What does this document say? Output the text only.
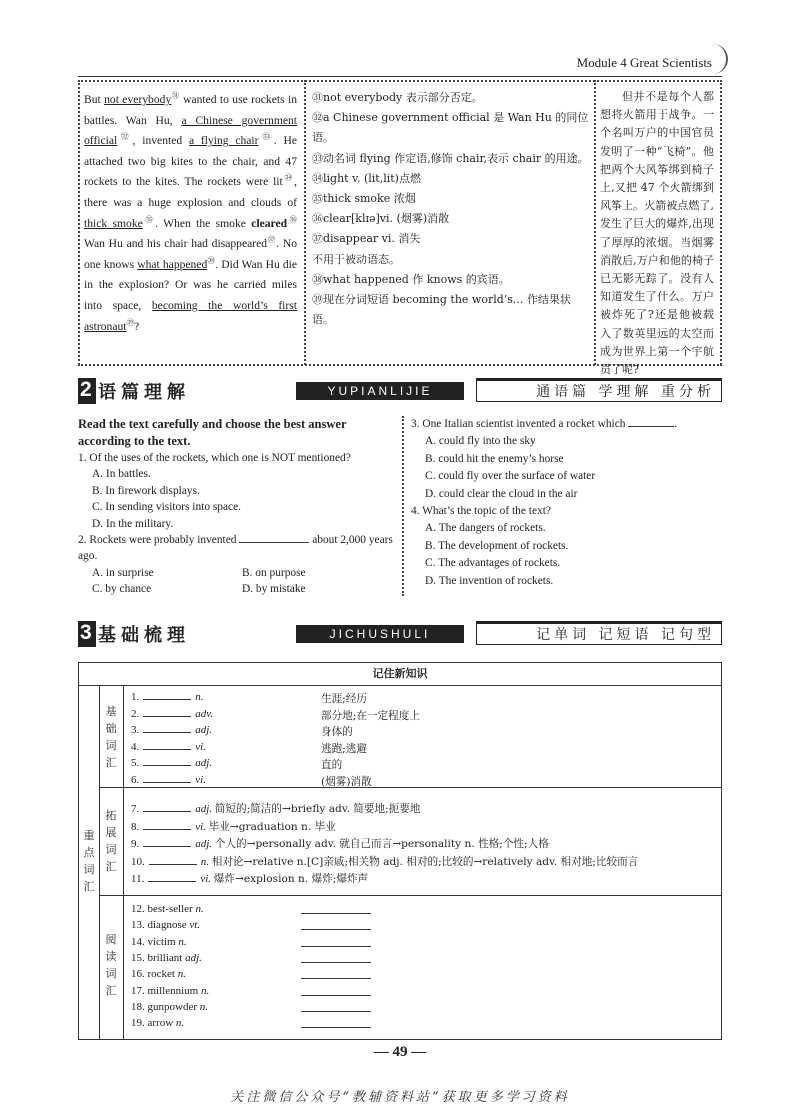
Module 4 Great Scientists
But not everybody$^㉛$ wanted to use rockets in battles. Wan Hu, a Chinese government official$^㉜$, invented a flying chair$^㉝$. He attached two big kites to the chair, and 47 rockets to the kites. The rockets were lit$^㉞$, there was a huge explosion and clouds of thick smoke$^㉟$. When the smoke cleared$^㊱$ Wan Hu and his chair had disappeared$^㊲$. No one knows what happened$^㊳$. Did Wan Hu die in the explosion? Or was he carried miles into space, becoming the world’s first astronaut$^㊴$?
㉛not everybody 表示部分否定。
㉜a Chinese government official 是 Wan Hu 的同位语。
㉝动名词 flying 作定语,修饰 chair,表示 chair 的用途。
㉞light v. (lit,lit)点燃
㉟thick smoke 浓烟
㊱clear[klɪə]vi. (烟雾)消散
㊲disappear vi. 消失
不用于被动语态。
㊳what happened 作 knows 的宾语。
㊴现在分词短语 becoming the world’s... 作结果状语。
但并不是每个人都想将火箭用于战争。一个名叫万户的中国官员发明了一种“飞椅”。他把两个大风筝绑到椅子上,又把 47 个火箭绑到风筝上。火箭被点燃了,发生了巨大的爆炸,出现了厚厚的浓烟。当烟雾消散后,万户和他的椅子已无影无踪了。没有人知道发生了什么。万户被炸死了?还是他被载入了数英里远的太空而成为世界上第一个宇航员了呢?
2 语篇理解	YUPIANLIJIE	通语篇 学理解 重分析
Read the text carefully and choose the best answer according to the text.
1. Of the uses of the rockets, which one is NOT mentioned?
A. In battles.
B. In firework displays.
C. In sending visitors into space.
D. In the military.
2. Rockets were probably invented	about 2,000 years ago.
A. in surprise	B. on purpose
C. by chance	D. by mistake
3. One Italian scientist invented a rocket which	.
A. could fly into the sky
B. could hit the enemy’s horse
C. could fly over the surface of water
D. could clear the cloud in the air
4. What’s the topic of the text?
A. The dangers of rockets.
B. The development of rockets.
C. The advantages of rockets.
D. The invention of rockets.
3 基础梳理	JICHUSHULI	记单词 记短语 记句型
记住新知识
重点词汇
基础词汇
拓展词汇
阅读词汇
1.	n.	生涯;经历
2.	adv.	部分地;在一定程度上
3.	adj.	身体的
4.	vi.	逃跑;逃避
5.	adj.	直的
6.	vi.	(烟雾)消散
7.	adj. 简短的;简洁的→briefly adv. 简要地;扼要地
8.	vi. 毕业→graduation n. 毕业
9.	adj. 个人的→personally adv. 就自己而言→personality n. 性格;个性;人格
10.	n. 相对论→relative n.[C]亲戚;相关物 adj. 相对的;比较的→relatively adv. 相对地;比较而言
11.	vi. 爆炸→explosion n. 爆炸;爆炸声
12. best-seller n.
13. diagnose vt.
14. victim n.
15. brilliant adj.
16. rocket n.
17. millennium n.
18. gunpowder n.
19. arrow n.
— 49 —
关注微信公众号“教辅资料站”获取更多学习资料
